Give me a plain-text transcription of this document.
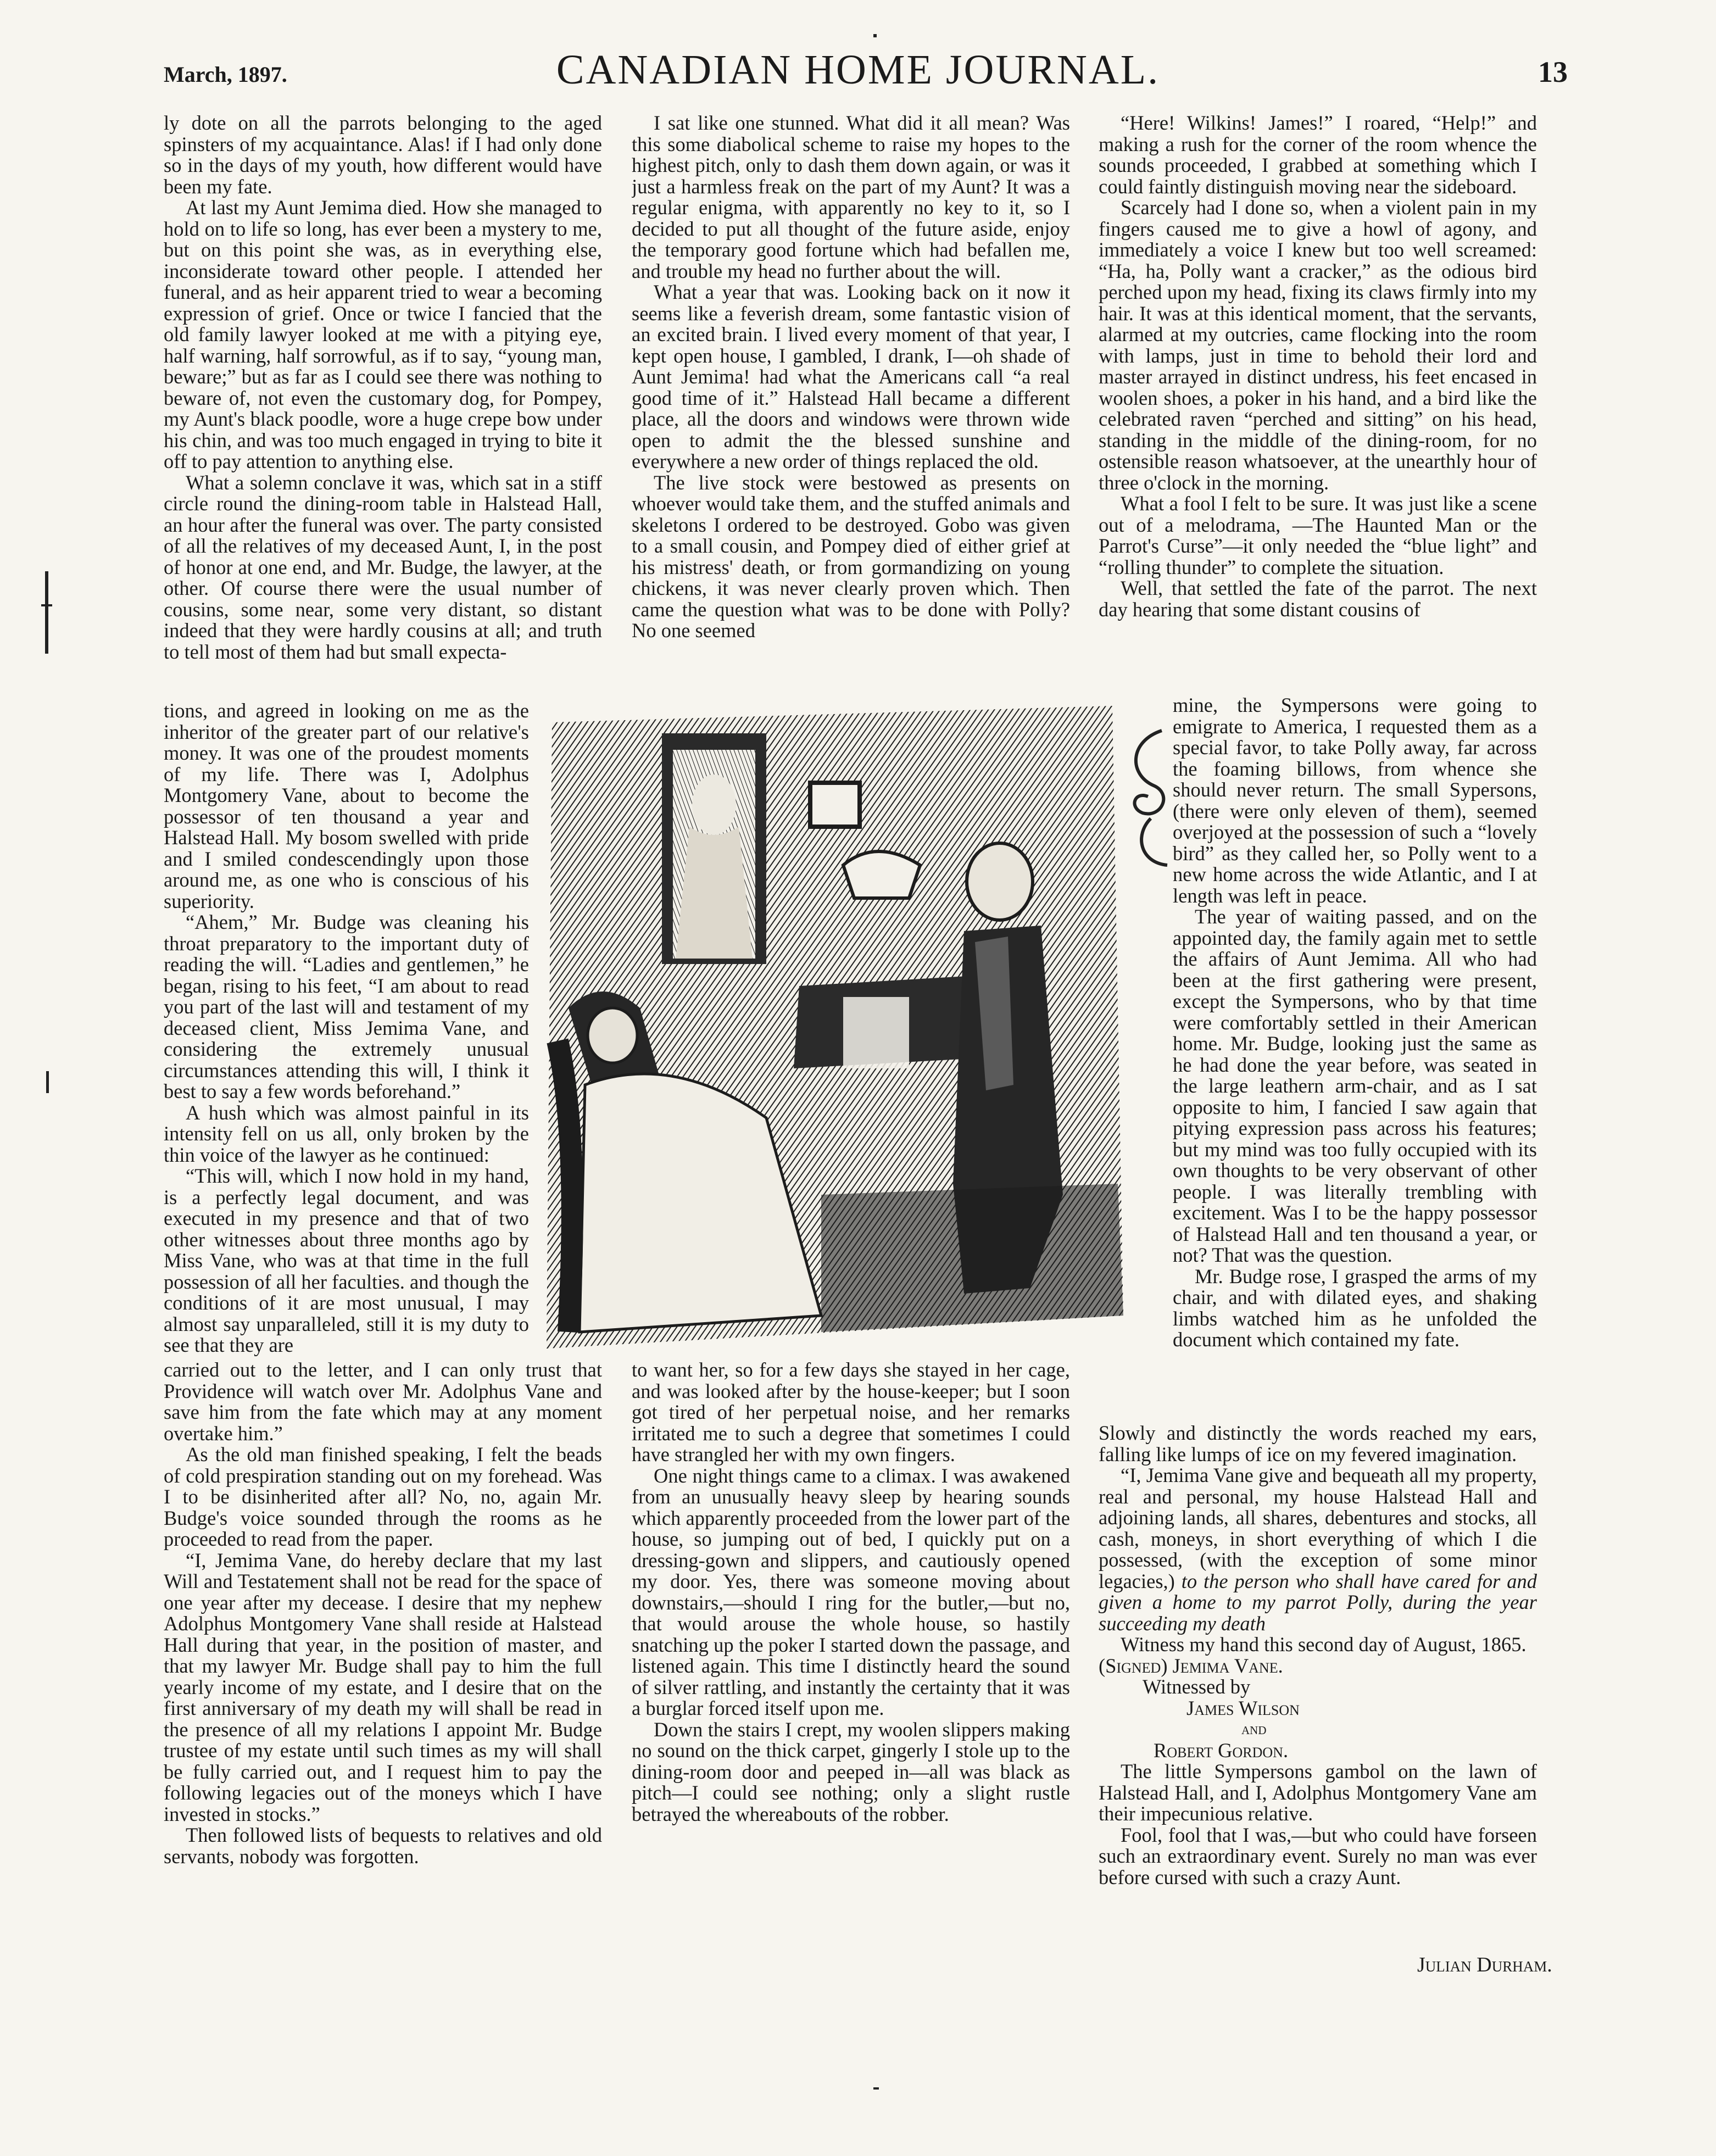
March, 1897.	CANADIAN HOME JOURNAL.	13

ly dote on all the parrots belonging to the aged spinsters of my acquaintance. Alas! if I had only done so in the days of my youth, how different would have been my fate.

At last my Aunt Jemima died. How she managed to hold on to life so long, has ever been a mystery to me, but on this point she was, as in everything else, inconsiderate toward other people. I attended her funeral, and as heir apparent tried to wear a becoming expression of grief. Once or twice I fancied that the old family lawyer looked at me with a pitying eye, half warning, half sorrowful, as if to say, “young man, beware;” but as far as I could see there was nothing to beware of, not even the customary dog, for Pompey, my Aunt's black poodle, wore a huge crepe bow under his chin, and was too much engaged in trying to bite it off to pay attention to anything else.

What a solemn conclave it was, which sat in a stiff circle round the dining-room table in Halstead Hall, an hour after the funeral was over. The party consisted of all the relatives of my deceased Aunt, I, in the post of honor at one end, and Mr. Budge, the lawyer, at the other. Of course there were the usual number of cousins, some near, some very distant, so distant indeed that they were hardly cousins at all; and truth to tell most of them had but small expecta-

tions, and agreed in looking on me as the inheritor of the greater part of our relative's money. It was one of the proudest moments of my life. There was I, Adolphus Montgomery Vane, about to become the possessor of ten thousand a year and Halstead Hall. My bosom swelled with pride and I smiled condescendingly upon those around me, as one who is conscious of his superiority.

“Ahem,” Mr. Budge was cleaning his throat preparatory to the important duty of reading the will. “Ladies and gentlemen,” he began, rising to his feet, “I am about to read you part of the last will and testament of my deceased client, Miss Jemima Vane, and considering the extremely unusual circumstances attending this will, I think it best to say a few words beforehand.”

A hush which was almost painful in its intensity fell on us all, only broken by the thin voice of the lawyer as he continued:

“This will, which I now hold in my hand, is a perfectly legal document, and was executed in my presence and that of two other witnesses about three months ago by Miss Vane, who was at that time in the full possession of all her faculties. and though the conditions of it are most unusual, I may almost say unparalleled, still it is my duty to see that they are

carried out to the letter, and I can only trust that Providence will watch over Mr. Adolphus Vane and save him from the fate which may at any moment overtake him.”

As the old man finished speaking, I felt the beads of cold prespiration standing out on my forehead. Was I to be disinherited after all? No, no, again Mr. Budge's voice sounded through the rooms as he proceeded to read from the paper.

“I, Jemima Vane, do hereby declare that my last Will and Testatement shall not be read for the space of one year after my decease. I desire that my nephew Adolphus Montgomery Vane shall reside at Halstead Hall during that year, in the position of master, and that my lawyer Mr. Budge shall pay to him the full yearly income of my estate, and I desire that on the first anniversary of my death my will shall be read in the presence of all my relations I appoint Mr. Budge trustee of my estate until such times as my will shall be fully carried out, and I request him to pay the following legacies out of the moneys which I have invested in stocks.”

Then followed lists of bequests to relatives and old servants, nobody was forgotten.

I sat like one stunned. What did it all mean? Was this some diabolical scheme to raise my hopes to the highest pitch, only to dash them down again, or was it just a harmless freak on the part of my Aunt? It was a regular enigma, with apparently no key to it, so I decided to put all thought of the future aside, enjoy the temporary good fortune which had befallen me, and trouble my head no further about the will.

What a year that was. Looking back on it now it seems like a feverish dream, some fantastic vision of an excited brain. I lived every moment of that year, I kept open house, I gambled, I drank, I—oh shade of Aunt Jemima! had what the Americans call “a real good time of it.” Halstead Hall became a different place, all the doors and windows were thrown wide open to admit the the blessed sunshine and everywhere a new order of things replaced the old.

The live stock were bestowed as presents on whoever would take them, and the stuffed animals and skeletons I ordered to be destroyed. Gobo was given to a small cousin, and Pompey died of either grief at his mistress' death, or from gormandizing on young chickens, it was never clearly proven which. Then came the question what was to be done with Polly? No one seemed

to want her, so for a few days she stayed in her cage, and was looked after by the house-keeper; but I soon got tired of her perpetual noise, and her remarks irritated me to such a degree that sometimes I could have strangled her with my own fingers.

One night things came to a climax. I was awakened from an unusually heavy sleep by hearing sounds which apparently proceeded from the lower part of the house, so jumping out of bed, I quickly put on a dressing-gown and slippers, and cautiously opened my door. Yes, there was someone moving about downstairs,—should I ring for the butler,—but no, that would arouse the whole house, so hastily snatching up the poker I started down the passage, and listened again. This time I distinctly heard the sound of silver rattling, and instantly the certainty that it was a burglar forced itself upon me.

Down the stairs I crept, my woolen slippers making no sound on the thick carpet, gingerly I stole up to the dining-room door and peeped in—all was black as pitch—I could see nothing; only a slight rustle betrayed the whereabouts of the robber.

“Here! Wilkins! James!” I roared, “Help!” and making a rush for the corner of the room whence the sounds proceeded, I grabbed at something which I could faintly distinguish moving near the sideboard.

Scarcely had I done so, when a violent pain in my fingers caused me to give a howl of agony, and immediately a voice I knew but too well screamed: “Ha, ha, Polly want a cracker,” as the odious bird perched upon my head, fixing its claws firmly into my hair. It was at this identical moment, that the servants, alarmed at my outcries, came flocking into the room with lamps, just in time to behold their lord and master arrayed in distinct undress, his feet encased in woolen shoes, a poker in his hand, and a bird like the celebrated raven “perched and sitting” on his head, standing in the middle of the dining-room, for no ostensible reason whatsoever, at the unearthly hour of three o'clock in the morning.

What a fool I felt to be sure. It was just like a scene out of a melodrama, —The Haunted Man or the Parrot's Curse”—it only needed the “blue light” and “rolling thunder” to complete the situation.

Well, that settled the fate of the parrot. The next day hearing that some distant cousins of

mine, the Sympersons were going to emigrate to America, I requested them as a special favor, to take Polly away, far across the foaming billows, from whence she should never return. The small Sypersons, (there were only eleven of them), seemed overjoyed at the possession of such a “lovely bird” as they called her, so Polly went to a new home across the wide Atlantic, and I at length was left in peace.

The year of waiting passed, and on the appointed day, the family again met to settle the affairs of Aunt Jemima. All who had been at the first gathering were present, except the Sympersons, who by that time were comfortably settled in their American home. Mr. Budge, looking just the same as he had done the year before, was seated in the large leathern arm-chair, and as I sat opposite to him, I fancied I saw again that pitying expression pass across his features; but my mind was too fully occupied with its own thoughts to be very observant of other people. I was literally trembling with excitement. Was I to be the happy possessor of Halstead Hall and ten thousand a year, or not? That was the question.

Mr. Budge rose, I grasped the arms of my chair, and with dilated eyes, and shaking limbs watched him as he unfolded the document which contained my fate.

Slowly and distinctly the words reached my ears, falling like lumps of ice on my fevered imagination.

“I, Jemima Vane give and bequeath all my property, real and personal, my house Halstead Hall and adjoining lands, all shares, debentures and stocks, all cash, moneys, in short everything of which I die possessed, (with the exception of some minor legacies,) to the person who shall have cared for and given a home to my parrot Polly, during the year succeeding my death

Witness my hand this second day of August, 1865.

(Signed) Jemima Vane.

Witnessed by

James Wilson

and

Robert Gordon.

The little Sympersons gambol on the lawn of Halstead Hall, and I, Adolphus Montgomery Vane am their impecunious relative.

Fool, fool that I was,—but who could have forseen such an extraordinary event. Surely no man was ever before cursed with such a crazy Aunt.

Julian Durham.
